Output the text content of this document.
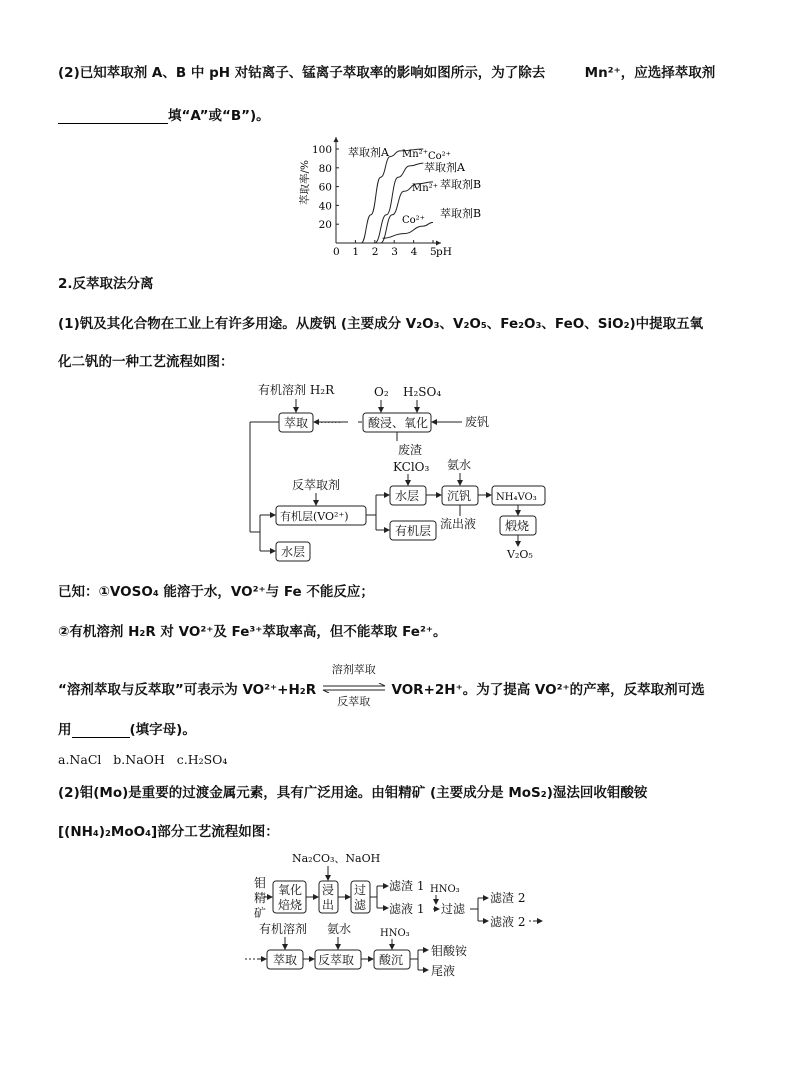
(2)已知萃取剂 A、B 中 pH 对钴离子、锰离子萃取率的影响如图所示，为了除去	Mn²⁺，应选择萃取剂
填“A”或“B”)。
0 1 2 3 4 5
20
40
60
80
100
pH
萃取率/%
萃取剂A Mn²⁺ Co²⁺
萃取剂A
Mn²⁺ 萃取剂B
Co²⁺
萃取剂B
2.反萃取法分离
(1)钒及其化合物在工业上有许多用途。从废钒 (主要成分 V₂O₃、V₂O₅、Fe₂O₃、FeO、SiO₂)中提取五氧
化二钒的一种工艺流程如图：
有机溶剂 H₂R	O₂ H₂SO₄
废钒
废渣
KClO₃ 氨水
反萃取剂
流出液
V₂O₅
······
萃取	酸浸、氧化
水层 沉钒 NH₄VO₃
有机层(VO²⁺)
有机层	煅烧
水层
已知：①VOSO₄ 能溶于水，VO²⁺与 Fe 不能反应；
②有机溶剂 H₂R 对 VO²⁺及 Fe³⁺萃取率高，但不能萃取 Fe²⁺。
“溶剂萃取与反萃取”可表示为 VO²⁺+H₂R
溶剂萃取
反萃取
VOR+2H⁺。为了提高 VO²⁺的产率，反萃取剂可选
用	(填字母)。
a.NaCl   b.NaOH   c.H₂SO₄
(2)钼(Mo)是重要的过渡金属元素，具有广泛用途。由钼精矿 (主要成分是 MoS₂)湿法回收钼酸铵
[(NH₄)₂MoO₄]部分工艺流程如图：
Na₂CO₃、NaOH
钼
精
矿
滤渣 1 HNO₃
滤液 1 过滤
滤渣 2
滤液 2
有机溶剂 氨水	HNO₃
钼酸铵
尾液
氧化
焙烧
浸
出
过
滤
萃取 反萃取 酸沉
